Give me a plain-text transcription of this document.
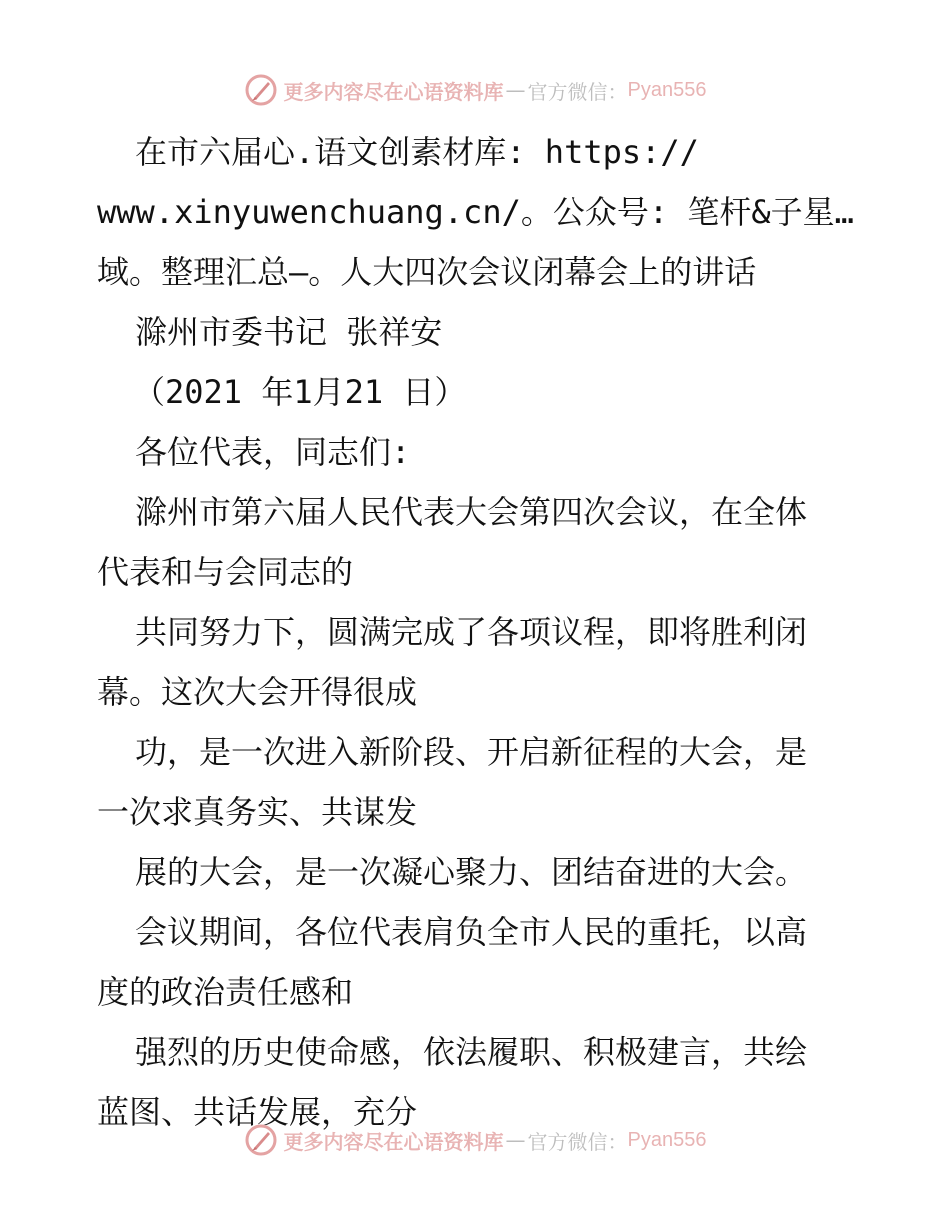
更多内容尽在心语资料库 — 官方微信： Pyan556
在市六届心.语文创素材库: https://
www.xinyuwenchuang.cn/。公众号: 笔杆&子星…
域。整理汇总—。人大四次会议闭幕会上的讲话
滁州市委书记 张祥安
（2021 年1月21 日）
各位代表，同志们:
滁州市第六届人民代表大会第四次会议，在全体
代表和与会同志的
共同努力下，圆满完成了各项议程，即将胜利闭
幕。这次大会开得很成
功，是一次进入新阶段、开启新征程的大会，是
一次求真务实、共谋发
展的大会，是一次凝心聚力、团结奋进的大会。
会议期间，各位代表肩负全市人民的重托，以高
度的政治责任感和
强烈的历史使命感，依法履职、积极建言，共绘
蓝图、共话发展，充分
更多内容尽在心语资料库 — 官方微信： Pyan556
